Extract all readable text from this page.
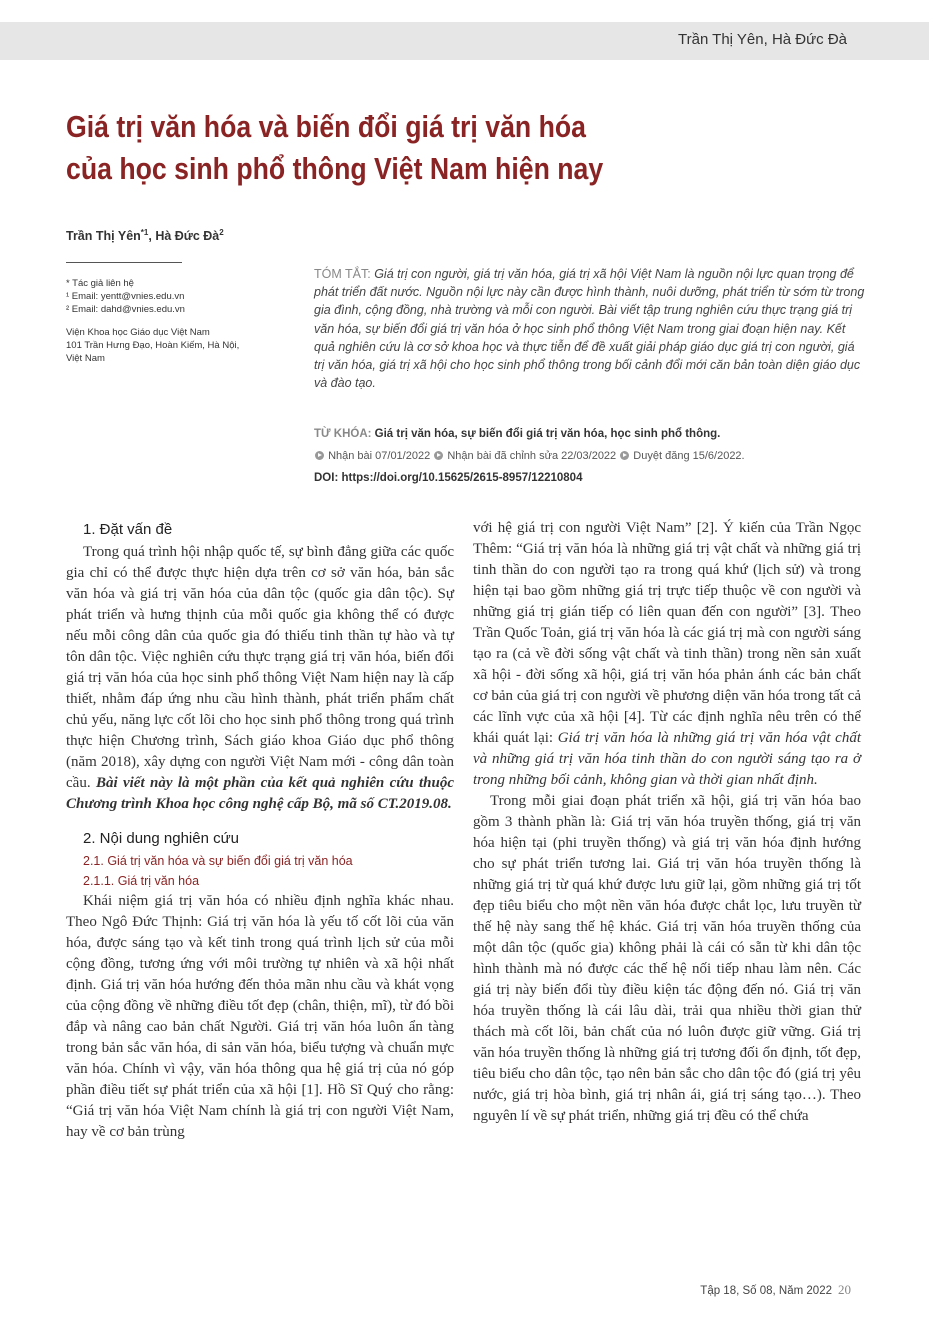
Trần Thị Yên, Hà Đức Đà
Giá trị văn hóa và biến đổi giá trị văn hóa
của học sinh phổ thông Việt Nam hiện nay
Trần Thị Yên$^{*1}$, Hà Đức $Đà^2$
* Tác giả liên hệ
¹ Email: yentt@vnies.edu.vn
² Email: dahd@vnies.edu.vn
Viện Khoa học Giáo dục Việt Nam
101 Trần Hưng Đạo, Hoàn Kiếm, Hà Nội,
Việt Nam
TÓM TẮT: Giá trị con người, giá trị văn hóa, giá trị xã hội Việt Nam là nguồn nội lực quan trọng để phát triển đất nước. Nguồn nội lực này cần được hình thành, nuôi dưỡng, phát triển từ sớm từ trong gia đình, cộng đồng, nhà trường và mỗi con người. Bài viết tập trung nghiên cứu thực trạng giá trị văn hóa, sự biến đổi giá trị văn hóa ở học sinh phổ thông Việt Nam trong giai đoạn hiện nay. Kết quả nghiên cứu là cơ sở khoa học và thực tiễn để đề xuất giải pháp giáo dục giá trị con người, giá trị văn hóa, giá trị xã hội cho học sinh phổ thông trong bối cảnh đổi mới căn bản toàn diện giáo dục và đào tạo.
TỪ KHÓA: Giá trị văn hóa, sự biến đổi giá trị văn hóa, học sinh phổ thông.
Nhận bài 07/01/2022 Nhận bài đã chỉnh sửa 22/03/2022 Duyệt đăng 15/6/2022.
DOI: https://doi.org/10.15625/2615-8957/12210804
1. Đặt vấn đề

Trong quá trình hội nhập quốc tế, sự bình đẳng giữa các quốc gia chỉ có thể được thực hiện dựa trên cơ sở văn hóa, bản sắc văn hóa và giá trị văn hóa của dân tộc (quốc gia dân tộc). Sự phát triển và hưng thịnh của mỗi quốc gia không thể có được nếu mỗi công dân của quốc gia đó thiếu tinh thần tự hào và tự tôn dân tộc. Việc nghiên cứu thực trạng giá trị văn hóa, biến đổi giá trị văn hóa của học sinh phổ thông Việt Nam hiện nay là cấp thiết, nhằm đáp ứng nhu cầu hình thành, phát triển phẩm chất chủ yếu, năng lực cốt lõi cho học sinh phổ thông trong quá trình thực hiện Chương trình, Sách giáo khoa Giáo dục phổ thông (năm 2018), xây dựng con người Việt Nam mới - công dân toàn cầu. Bài viết này là một phần của kết quả nghiên cứu thuộc Chương trình Khoa học công nghệ cấp Bộ, mã số CT.2019.08.

2. Nội dung nghiên cứu
2.1. Giá trị văn hóa và sự biến đổi giá trị văn hóa
2.1.1. Giá trị văn hóa

Khái niệm giá trị văn hóa có nhiều định nghĩa khác nhau. Theo Ngô Đức Thịnh: Giá trị văn hóa là yếu tố cốt lõi của văn hóa, được sáng tạo và kết tinh trong quá trình lịch sử của mỗi cộng đồng, tương ứng với môi trường tự nhiên và xã hội nhất định. Giá trị văn hóa hướng đến thỏa mãn nhu cầu và khát vọng của cộng đồng về những điều tốt đẹp (chân, thiện, mĩ), từ đó bồi đắp và nâng cao bản chất Người. Giá trị văn hóa luôn ẩn tàng trong bản sắc văn hóa, di sản văn hóa, biểu tượng và chuẩn mực văn hóa. Chính vì vậy, văn hóa thông qua hệ giá trị của nó góp phần điều tiết sự phát triển của xã hội [1]. Hồ Sĩ Quý cho rằng: “Giá trị văn hóa Việt Nam chính là giá trị con người Việt Nam, hay về cơ bản trùng

với hệ giá trị con người Việt Nam” [2]. Ý kiến của Trần Ngọc Thêm: “Giá trị văn hóa là những giá trị vật chất và những giá trị tinh thần do con người tạo ra trong quá khứ (lịch sử) và trong hiện tại bao gồm những giá trị trực tiếp thuộc về con người và những giá trị gián tiếp có liên quan đến con người” [3]. Theo Trần Quốc Toản, giá trị văn hóa là các giá trị mà con người sáng tạo ra (cả về đời sống vật chất và tinh thần) trong nền sản xuất xã hội - đời sống xã hội, giá trị văn hóa phản ánh các bản chất cơ bản của giá trị con người về phương diện văn hóa trong tất cả các lĩnh vực của xã hội [4]. Từ các định nghĩa nêu trên có thể khái quát lại: Giá trị văn hóa là những giá trị văn hóa vật chất và những giá trị văn hóa tinh thần do con người sáng tạo ra ở trong những bối cảnh, không gian và thời gian nhất định.

Trong mỗi giai đoạn phát triển xã hội, giá trị văn hóa bao gồm 3 thành phần là: Giá trị văn hóa truyền thống, giá trị văn hóa hiện tại (phi truyền thống) và giá trị văn hóa định hướng cho sự phát triển tương lai. Giá trị văn hóa truyền thống là những giá trị từ quá khứ được lưu giữ lại, gồm những giá trị tốt đẹp tiêu biểu cho một nền văn hóa được chắt lọc, lưu truyền từ thế hệ này sang thế hệ khác. Giá trị văn hóa truyền thống của một dân tộc (quốc gia) không phải là cái có sẵn từ khi dân tộc hình thành mà nó được các thế hệ nối tiếp nhau làm nên. Các giá trị này biến đổi tùy điều kiện tác động đến nó. Giá trị văn hóa truyền thống là cái lâu dài, trải qua nhiều thời gian thử thách mà cốt lõi, bản chất của nó luôn được giữ vững. Giá trị văn hóa truyền thống là những giá trị tương đối ổn định, tốt đẹp, tiêu biểu cho dân tộc, tạo nên bản sắc cho dân tộc đó (giá trị yêu nước, giá trị hòa bình, giá trị nhân ái, giá trị sáng tạo…). Theo nguyên lí về sự phát triển, những giá trị đều có thể chứa

Tập 18, Số 08, Năm 2022 20
